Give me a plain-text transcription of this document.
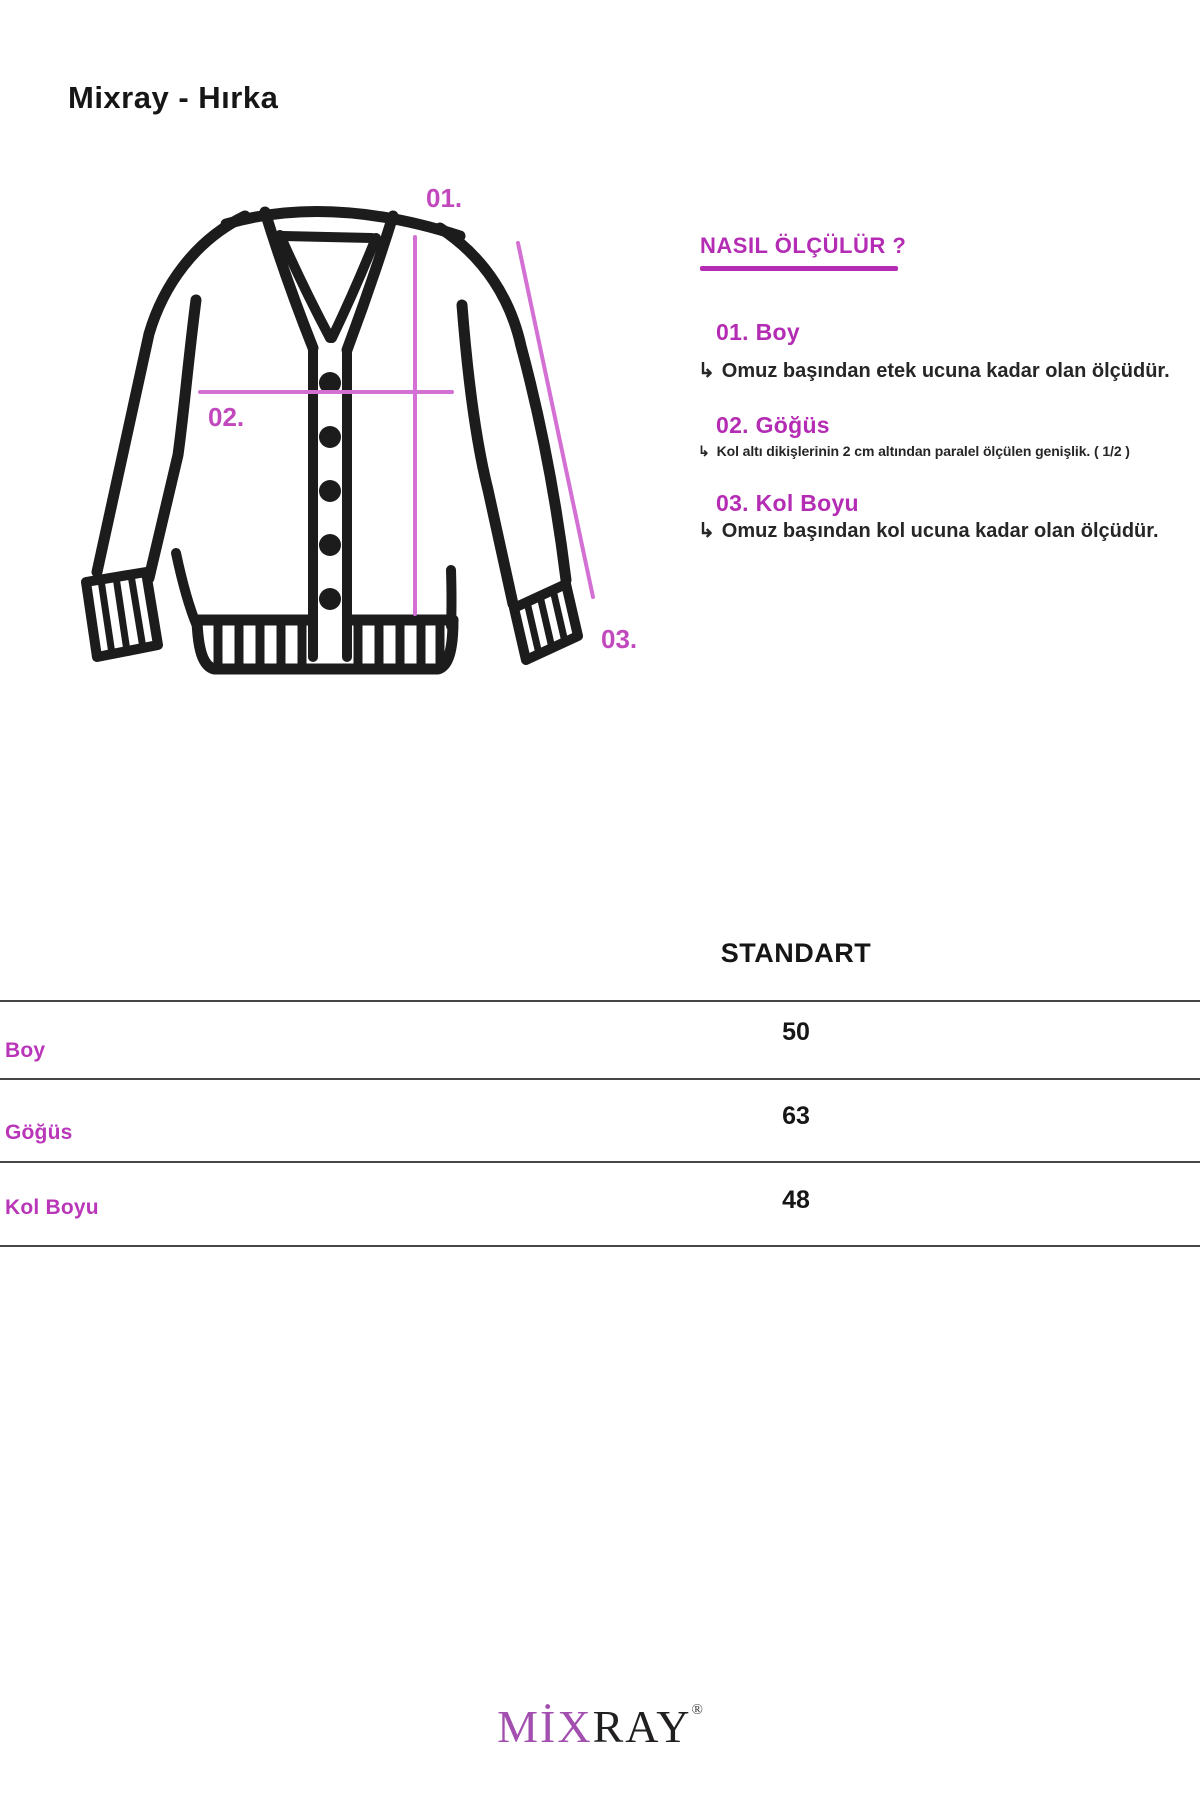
Mixray - Hırka
01.
02.
03.
NASIL ÖLÇÜLÜR ?
01. Boy
↳ Omuz başından etek ucuna kadar olan ölçüdür.
02. Göğüs
↳ Kol altı dikişlerinin 2 cm altından paralel ölçülen genişlik. ( 1/2 )
03. Kol Boyu
↳ Omuz başından kol ucuna kadar olan ölçüdür.
STANDART
Boy
50
Göğüs
63
Kol Boyu	48
MİXRAY®
